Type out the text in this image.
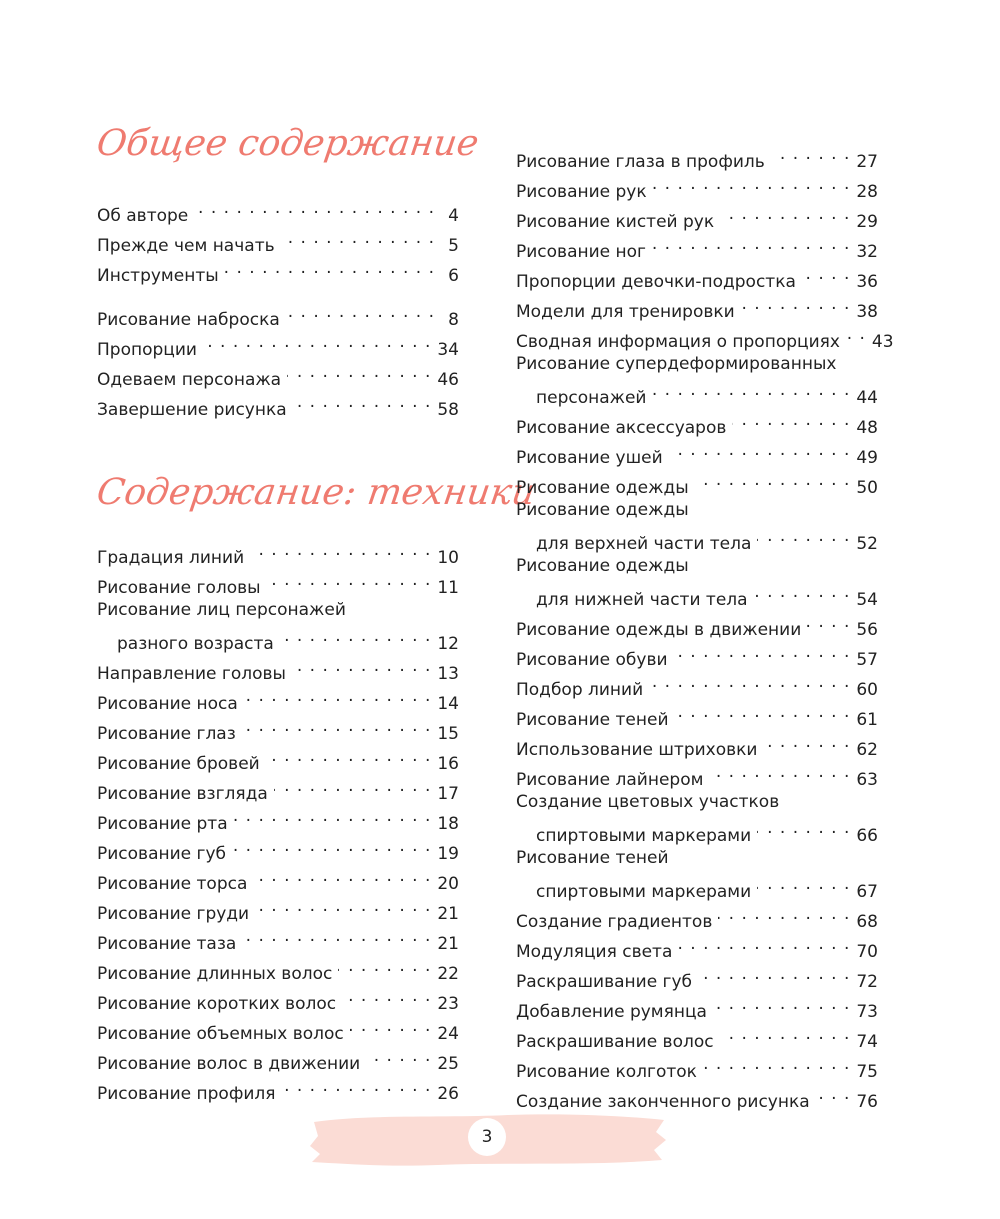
Общее содержание
Об авторе . . .	4
Прежде чем начать . . .	5
Инструменты . . .	6
Рисование наброска . . .	8
Пропорции . . .	34
Одеваем персонажа . . .	46
Завершение рисунка . . .	58
Содержание: техники
Градация линий . . .	10
Рисование головы . . .	11
Рисование лиц персонажей
разного возраста . . .	12
Направление головы . . .	13
Рисование носа . . .	14
Рисование глаз . . .	15
Рисование бровей . . .	16
Рисование взгляда . . .	17
Рисование рта . . .	18
Рисование губ . . .	19
Рисование торса . . .	20
Рисование груди . . .	21
Рисование таза . . .	21
Рисование длинных волос . . .	22
Рисование коротких волос . . .	23
Рисование объемных волос . . .	24
Рисование волос в движении . . .	25
Рисование профиля . . .	26
Рисование глаза в профиль . . .	27
Рисование рук . . .	28
Рисование кистей рук . . .	29
Рисование ног . . .	32
Пропорции девочки-подростка . . .	36
Модели для тренировки . . .	38
Сводная информация о пропорциях . . . 43
Рисование супердеформированных
персонажей . . .	44
Рисование аксессуаров . . .	48
Рисование ушей . . .	49
Рисование одежды . . .	50
Рисование одежды
для верхней части тела . . .	52
Рисование одежды
для нижней части тела . . .	54
Рисование одежды в движении . . .	56
Рисование обуви . . .	57
Подбор линий . . .	60
Рисование теней . . .	61
Использование штриховки . . .	62
Рисование лайнером . . .	63
Создание цветовых участков
спиртовыми маркерами . . .	66
Рисование теней
спиртовыми маркерами . . .	67
Создание градиентов . . .	68
Модуляция света . . .	70
Раскрашивание губ . . .	72
Добавление румянца . . .	73
Раскрашивание волос . . .	74
Рисование колготок . . .	75
Создание законченного рисунка . . .	76
3
